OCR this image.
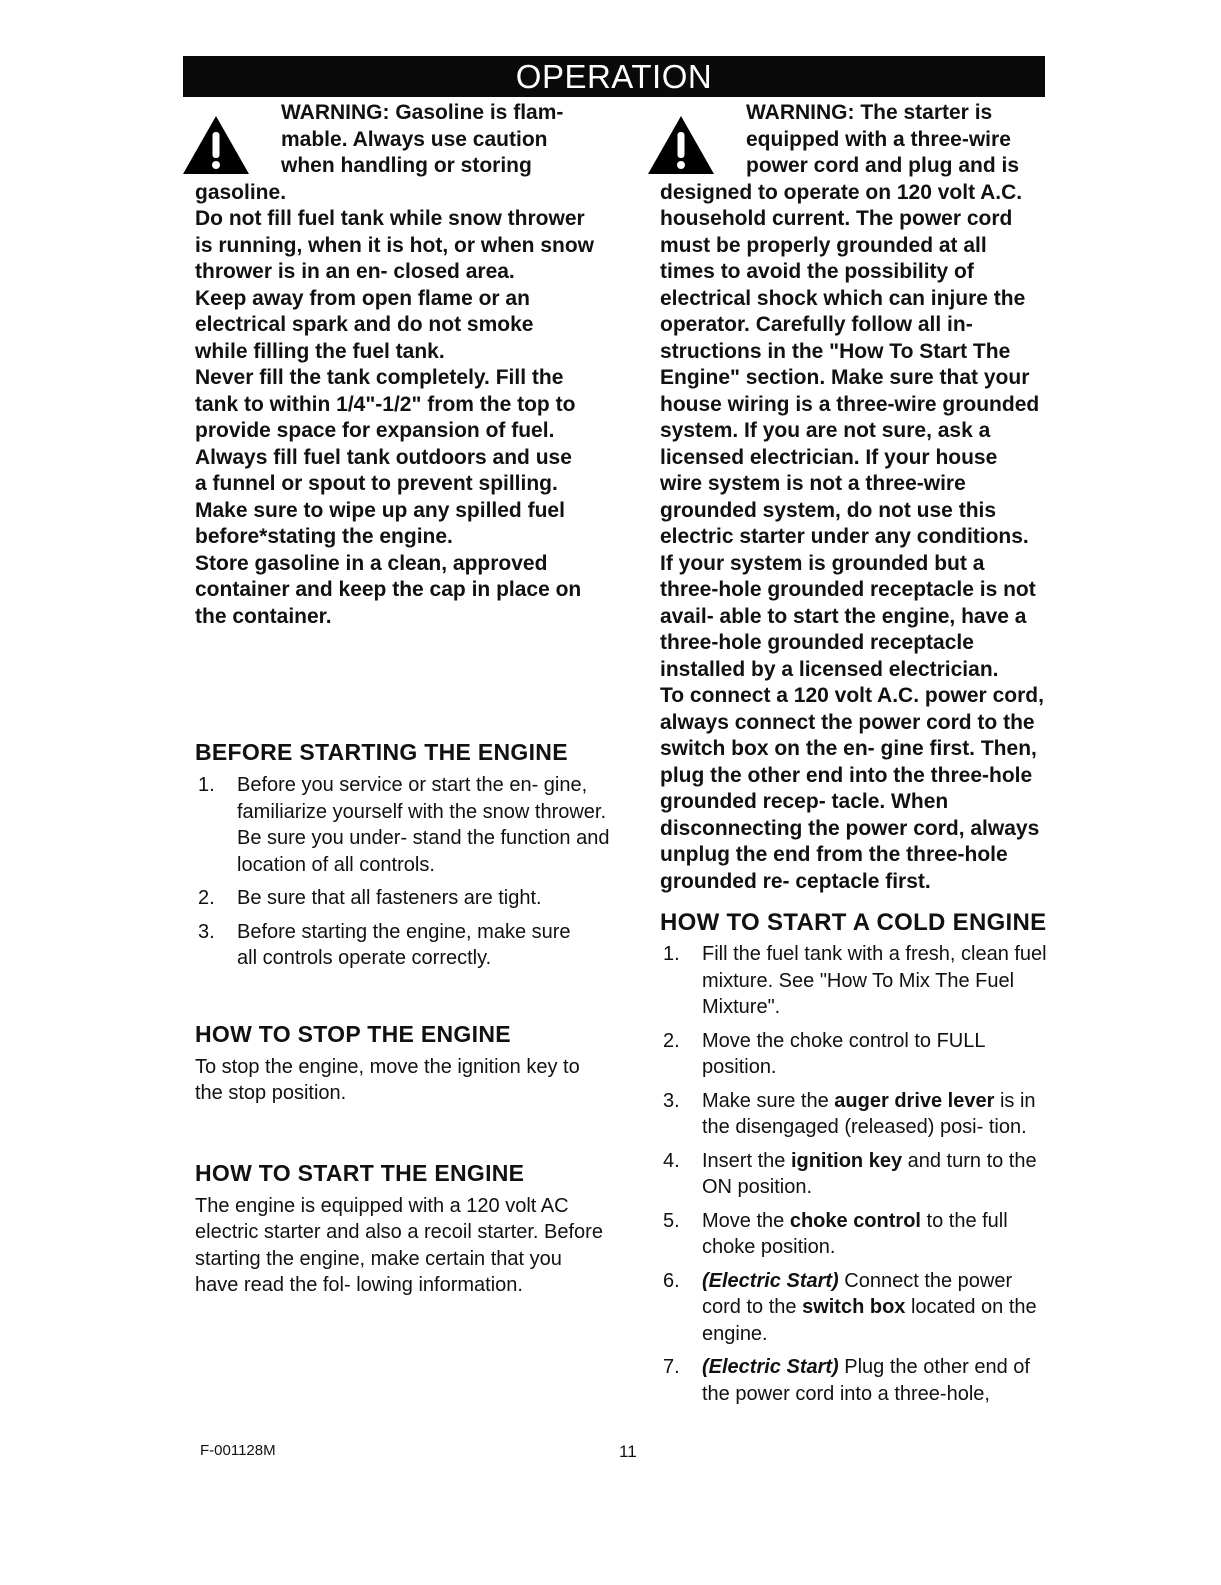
OPERATION

WARNING: Gasoline is flam-

mable. Always use caution

when handling or storing

gasoline.

Do not fill fuel tank while snow thrower is running, when it is hot, or when snow thrower is in an en- closed area.

Keep away from open flame or an electrical spark and do not smoke while filling the fuel tank.

Never fill the tank completely. Fill the tank to within 1/4"-1/2" from the top to provide space for expansion of fuel.

Always fill fuel tank outdoors and use a funnel or spout to prevent spilling.

Make sure to wipe up any spilled fuel before*stating the engine.

Store gasoline in a clean, approved container and keep the cap in place on the container.

BEFORE STARTING THE ENGINE
1. Before you service or start the en- gine, familiarize yourself with the snow thrower. Be sure you under- stand the function and location of all controls.
2. Be sure that all fasteners are tight.
3. Before starting the engine, make sure all controls operate correctly.
HOW TO STOP THE ENGINE

To stop the engine, move the ignition key to the stop position.

HOW TO START THE ENGINE

The engine is equipped with a 120 volt AC electric starter and also a recoil starter. Before starting the engine, make certain that you have read the fol- lowing information.

WARNING: The starter is

equipped with a three-wire

power cord and plug and is

designed to operate on 120 volt A.C. household current. The power cord must be properly grounded at all times to avoid the possibility of electrical shock which can injure the operator. Carefully follow all in- structions in the "How To Start The Engine" section. Make sure that your house wiring is a three-wire grounded system. If you are not sure, ask a licensed electrician. If your house wire system is not a three-wire grounded system, do not use this electric starter under any conditions. If your system is grounded but a three-hole grounded receptacle is not avail- able to start the engine, have a three-hole grounded receptacle installed by a licensed electrician.

To connect a 120 volt A.C. power cord, always connect the power cord to the switch box on the en- gine first. Then, plug the other end into the three-hole grounded recep- tacle. When disconnecting the power cord, always unplug the end from the three-hole grounded re- ceptacle first.

HOW TO START A COLD ENGINE
1. Fill the fuel tank with a fresh, clean fuel mixture. See "How To Mix The Fuel Mixture".
2. Move the choke control to FULL position.
3. Make sure the auger drive lever is in the disengaged (released) posi- tion.
4. Insert the ignition key and turn to the ON position.
5. Move the choke control to the full choke position.
6. (Electric Start) Connect the power cord to the switch box located on the engine.
7. (Electric Start) Plug the other end of the power cord into a three-hole,
F-001128M	11
